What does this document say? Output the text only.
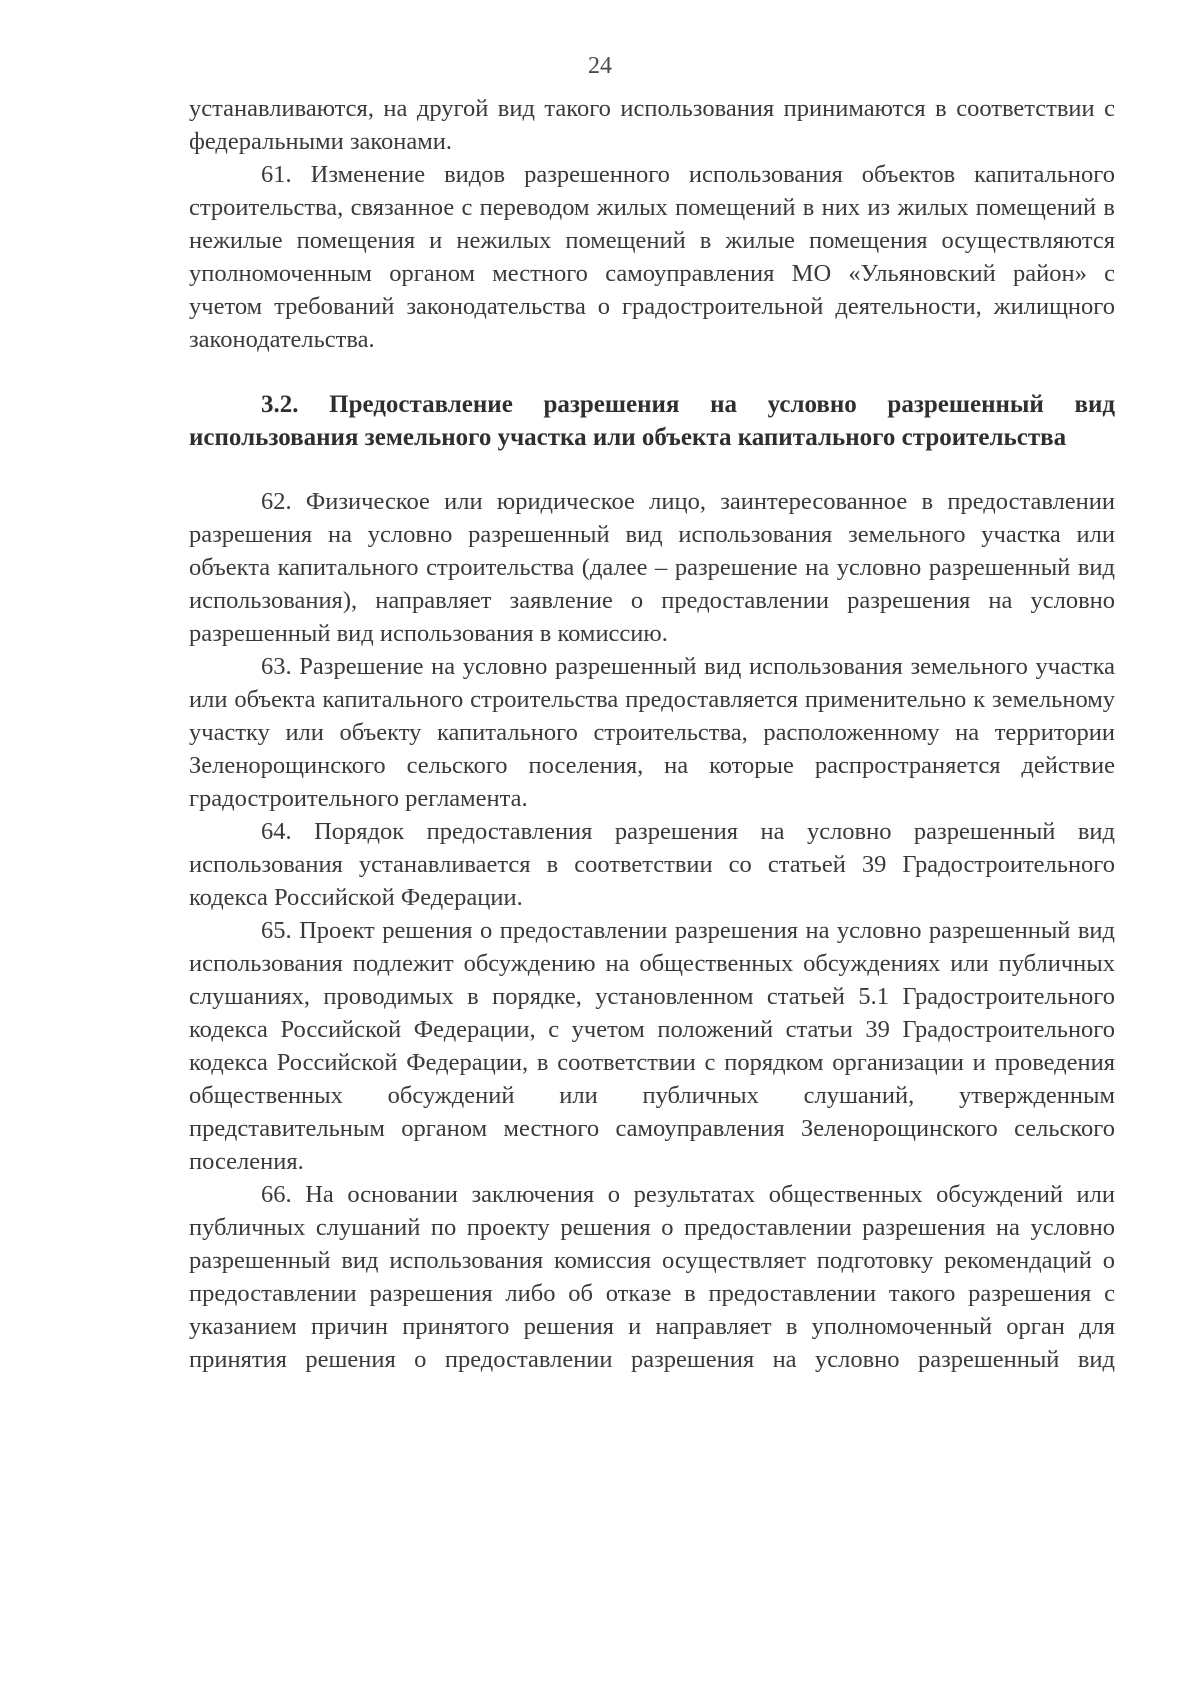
24

устанавливаются, на другой вид такого использования принимаются в соответствии с федеральными законами.

61. Изменение видов разрешенного использования объектов капитального строительства, связанное с переводом жилых помещений в них из жилых помещений в нежилые помещения и нежилых помещений в жилые помещения осуществляются уполномоченным органом местного самоуправления МО «Ульяновский район» с учетом требований законодательства о градостроительной деятельности, жилищного законодательства.

3.2. Предоставление разрешения на условно разрешенный вид использования земельного участка или объекта капитального строительства

62. Физическое или юридическое лицо, заинтересованное в предоставлении разрешения на условно разрешенный вид использования земельного участка или объекта капитального строительства (далее – разрешение на условно разрешенный вид использования), направляет заявление о предоставлении разрешения на условно разрешенный вид использования в комиссию.

63. Разрешение на условно разрешенный вид использования земельного участка или объекта капитального строительства предоставляется применительно к земельному участку или объекту капитального строительства, расположенному на территории Зеленорощинского сельского поселения, на которые распространяется действие градостроительного регламента.

64. Порядок предоставления разрешения на условно разрешенный вид использования устанавливается в соответствии со статьей 39 Градостроительного кодекса Российской Федерации.

65. Проект решения о предоставлении разрешения на условно разрешенный вид использования подлежит обсуждению на общественных обсуждениях или публичных слушаниях, проводимых в порядке, установленном статьей 5.1 Градостроительного кодекса Российской Федерации, с учетом положений статьи 39 Градостроительного кодекса Российской Федерации, в соответствии с порядком организации и проведения общественных обсуждений или публичных слушаний, утвержденным представительным органом местного самоуправления Зеленорощинского сельского поселения.

66. На основании заключения о результатах общественных обсуждений или публичных слушаний по проекту решения о предоставлении разрешения на условно разрешенный вид использования комиссия осуществляет подготовку рекомендаций о предоставлении разрешения либо об отказе в предоставлении такого разрешения с указанием причин принятого решения и направляет в уполномоченный орган для принятия решения о предоставлении разрешения на условно разрешенный вид
